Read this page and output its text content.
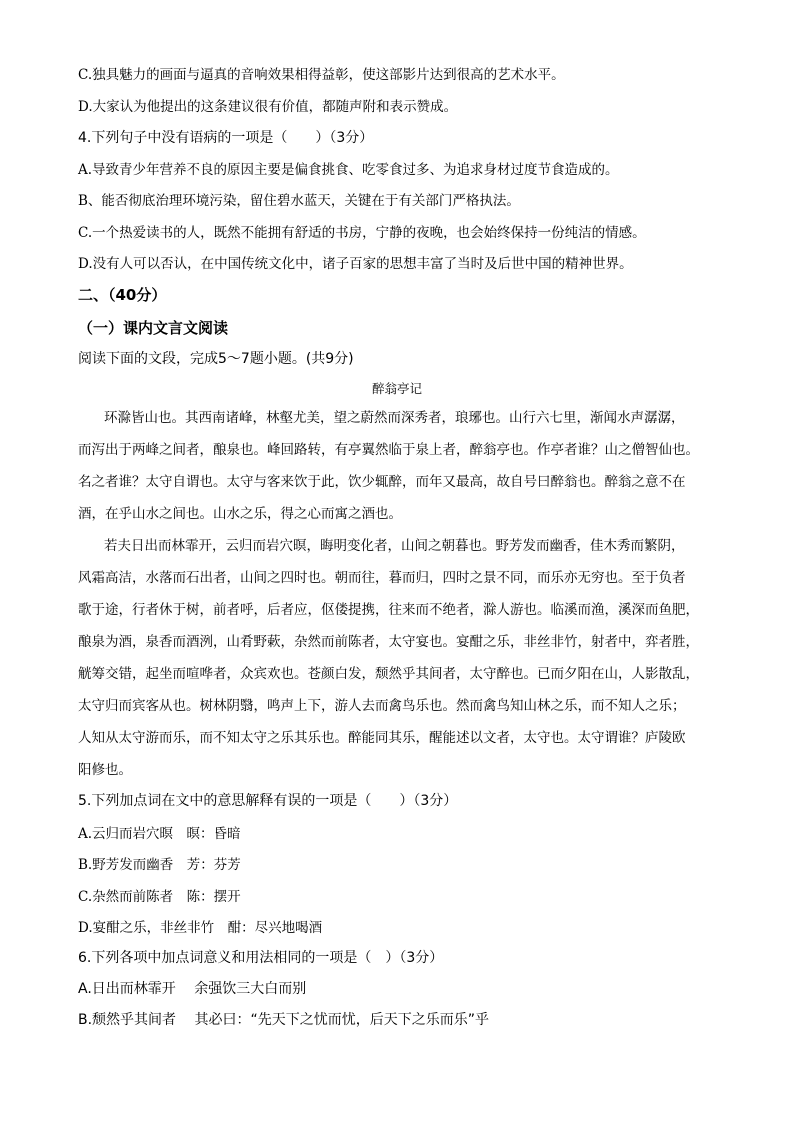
C.独具魅力的画面与逼真的音响效果相得益彰，使这部影片达到很高的艺术水平。
D.大家认为他提出的这条建议很有价值，都随声附和表示赞成。
4.下列句子中没有语病的一项是（　　）（3分）
A.导致青少年营养不良的原因主要是偏食挑食、吃零食过多、为追求身材过度节食造成的。
B、能否彻底治理环境污染，留住碧水蓝天，关键在于有关部门严格执法。
C.一个热爱读书的人，既然不能拥有舒适的书房，宁静的夜晚，也会始终保持一份纯洁的情感。
D.没有人可以否认，在中国传统文化中，诸子百家的思想丰富了当时及后世中国的精神世界。
二、（40分）
（一）课内文言文阅读
阅读下面的文段，完成5～7题小题。(共9分)
醉翁亭记
环滁皆山也。其西南诸峰，林壑尤美，望之蔚然而深秀者，琅琊也。山行六七里，渐闻水声潺潺，
而泻出于两峰之间者，酿泉也。峰回路转，有亭翼然临于泉上者，醉翁亭也。作亭者谁？山之僧智仙也。
名之者谁？太守自谓也。太守与客来饮于此，饮少辄醉，而年又最高，故自号曰醉翁也。醉翁之意不在
酒，在乎山水之间也。山水之乐，得之心而寓之酒也。
若夫日出而林霏开，云归而岩穴暝，晦明变化者，山间之朝暮也。野芳发而幽香，佳木秀而繁阴，
风霜高洁，水落而石出者，山间之四时也。朝而往，暮而归，四时之景不同，而乐亦无穷也。至于负者
歌于途，行者休于树，前者呼，后者应，伛偻提携，往来而不绝者，滁人游也。临溪而渔，溪深而鱼肥，
酿泉为酒，泉香而酒洌，山肴野蔌，杂然而前陈者，太守宴也。宴酣之乐，非丝非竹，射者中，弈者胜，
觥筹交错，起坐而喧哗者，众宾欢也。苍颜白发，颓然乎其间者，太守醉也。已而夕阳在山，人影散乱，
太守归而宾客从也。树林阴翳，鸣声上下，游人去而禽鸟乐也。然而禽鸟知山林之乐，而不知人之乐；
人知从太守游而乐，而不知太守之乐其乐也。醉能同其乐，醒能述以文者，太守也。太守谓谁？庐陵欧
阳修也。
5.下列加点词在文中的意思解释有误的一项是（　　）（3分）
A.云归而岩穴暝　暝：昏暗
B.野芳发而幽香　芳：芬芳
C.杂然而前陈者　陈：摆开
D.宴酣之乐，非丝非竹　酣：尽兴地喝酒
6.下列各项中加点词意义和用法相同的一项是（　）（3分）
A.日出而林霏开　 余强饮三大白而别
B.颓然乎其间者　 其必曰：“先天下之忧而忧，后天下之乐而乐”乎
